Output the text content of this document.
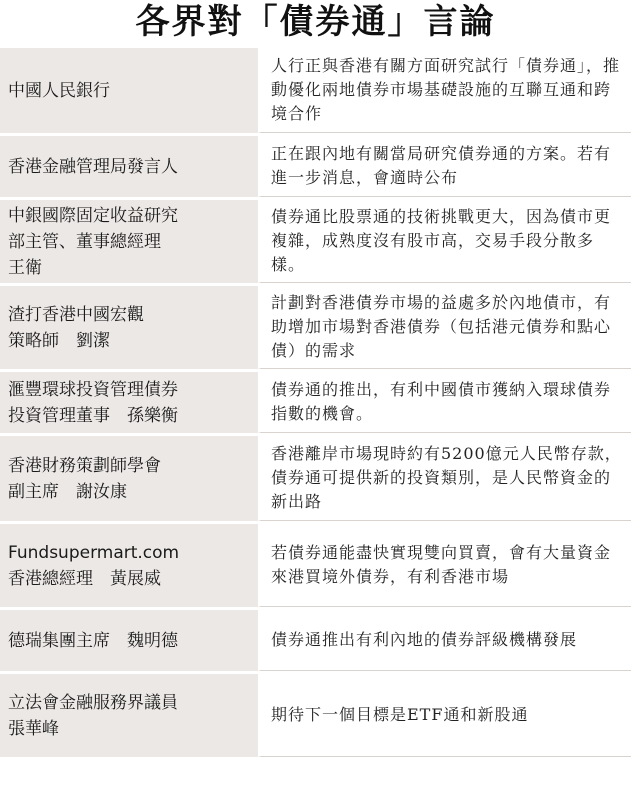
各界對「債券通」言論
中國人民銀行
人行正與香港有關方面研究試行「債券通」，推動優化兩地債券市場基礎設施的互聯互通和跨境合作
香港金融管理局發言人
正在跟內地有關當局研究債券通的方案。若有進一步消息，會適時公布
中銀國際固定收益研究
部主管、董事總經理
王衛
債券通比股票通的技術挑戰更大，因為債市更複雜，成熟度沒有股市高，交易手段分散多樣。
渣打香港中國宏觀
策略師　劉潔
計劃對香港債券市場的益處多於內地債市，有助增加市場對香港債券（包括港元債券和點心債）的需求
滙豐環球投資管理債券
投資管理董事　孫樂衡
債券通的推出，有利中國債市獲納入環球債券指數的機會。
香港財務策劃師學會
副主席　謝汝康
香港離岸市場現時約有5200億元人民幣存款，債券通可提供新的投資類別，是人民幣資金的新出路
Fundsupermart.com
香港總經理　黃展威
若債券通能盡快實現雙向買賣，會有大量資金來港買境外債券，有利香港市場
德瑞集團主席　魏明德	債券通推出有利內地的債券評級機構發展
立法會金融服務界議員
張華峰
期待下一個目標是ETF通和新股通
